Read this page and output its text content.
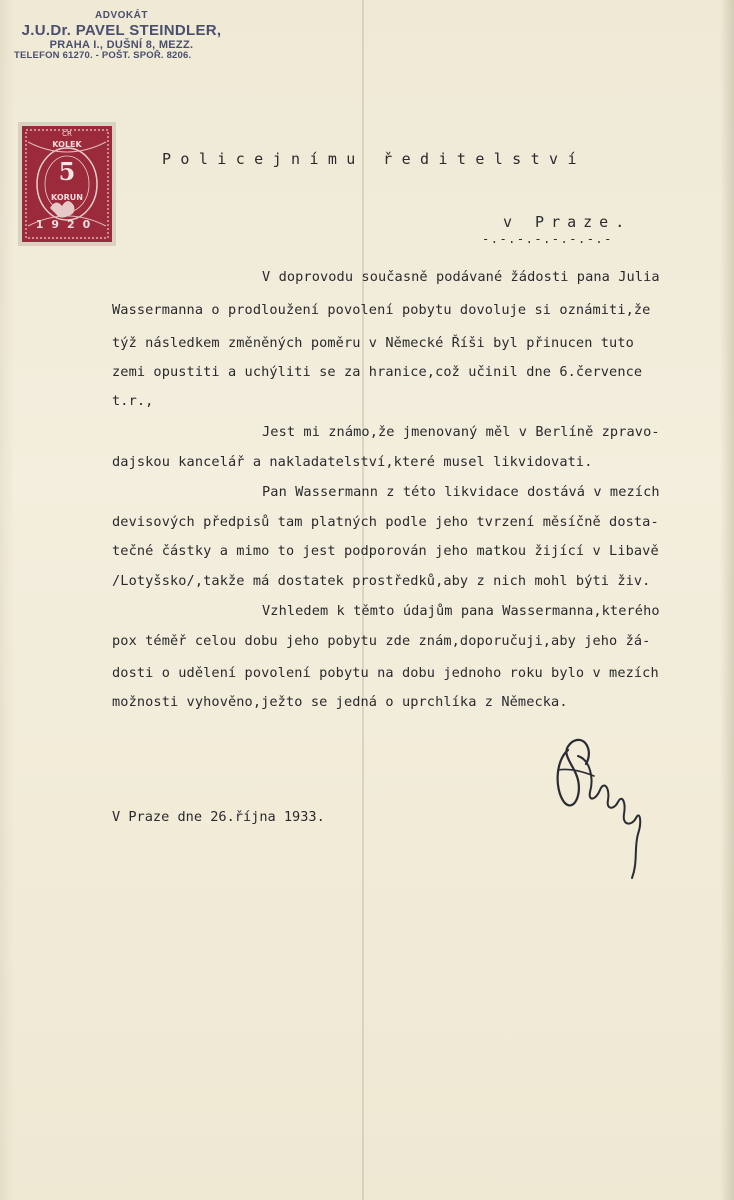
ADVOKÁT
J.U.Dr. PAVEL STEINDLER,
PRAHA I., DUŠNÍ 8, MEZZ.
TELEFON 61270. - POŠT. SPOŘ. 8206.
ČR
KOLEK
5
KORUN
1920
Policejnímu ředitelství
v Praze.
-.-.-.-.-.-.-.-
V doprovodu současně podávané žádosti pana Julia
Wassermanna o prodloužení povolení pobytu dovoluje si oznámiti,že
týž následkem změněných poměru v Německé Říši byl přinucen tuto
zemi opustiti a uchýliti se za hranice,což učinil dne 6.července
t.r.,
Jest mi známo,že jmenovaný měl v Berlíně zpravo-
dajskou kancelář a nakladatelství,které musel likvidovati.
Pan Wassermann z této likvidace dostává v mezích
devisových předpisů tam platných podle jeho tvrzení měsíčně dosta-
tečné částky a mimo to jest podporován jeho matkou žijící v Libavě
/Lotyšsko/,takže má dostatek prostředků,aby z nich mohl býti živ.
Vzhledem k těmto údajům pana Wassermanna,kterého
pox téměř celou dobu jeho pobytu zde znám,doporučuji,aby jeho žá-
dosti o udělení povolení pobytu na dobu jednoho roku bylo v mezích
možnosti vyhověno,ježto se jedná o uprchlíka z Německa.
V Praze dne 26.října 1933.
